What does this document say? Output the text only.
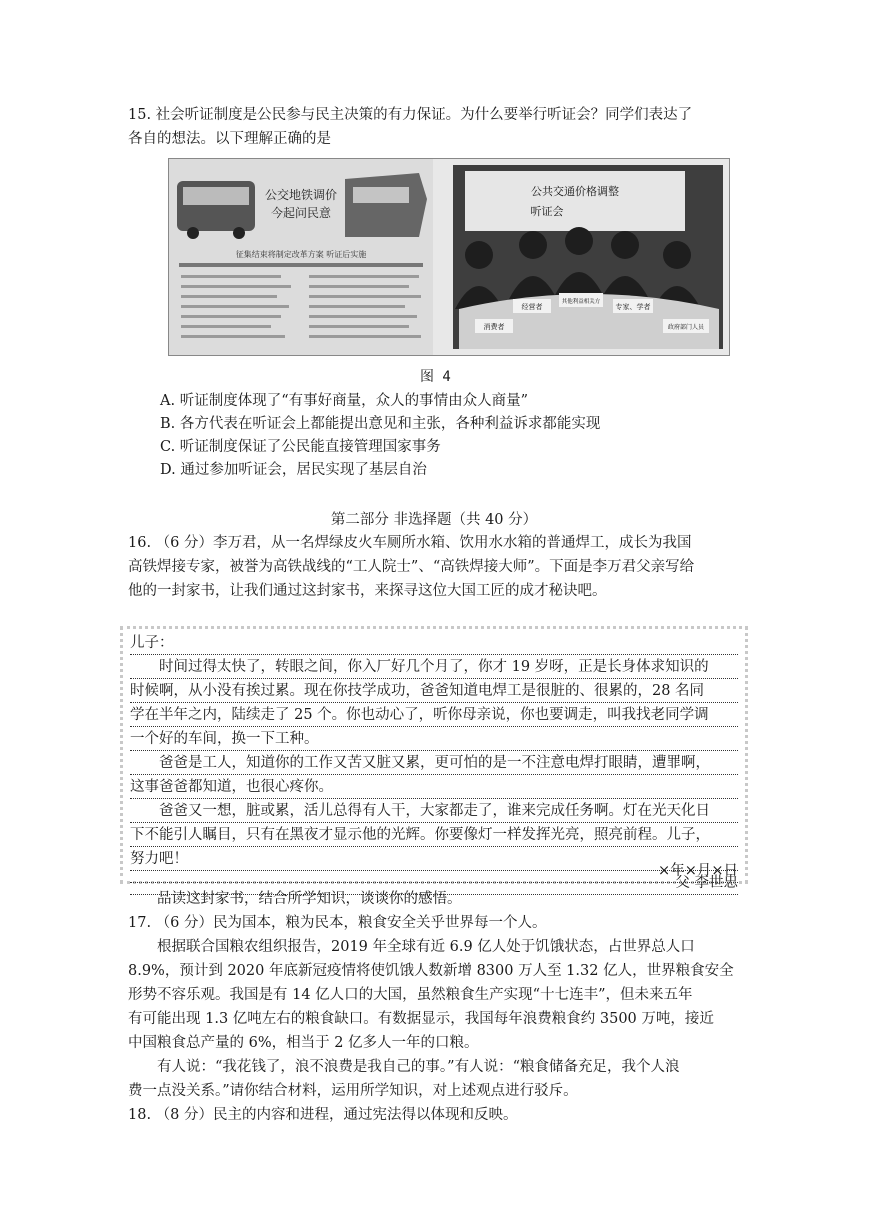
15. 社会听证制度是公民参与民主决策的有力保证。为什么要举行听证会？同学们表达了
各自的想法。以下理解正确的是
公交地铁调价
今起问民意
征集结束将制定改革方案 听证后实施
公共交通价格调整
听证会
消费者
经营者
其他利益相关方
专家、学者
政府部门人员
图 4
A. 听证制度体现了“有事好商量，众人的事情由众人商量”
B. 各方代表在听证会上都能提出意见和主张，各种利益诉求都能实现
C. 听证制度保证了公民能直接管理国家事务
D. 通过参加听证会，居民实现了基层自治
第二部分 非选择题（共 40 分）
16. （6 分）李万君，从一名焊绿皮火车厕所水箱、饮用水水箱的普通焊工，成长为我国
高铁焊接专家，被誉为高铁战线的“工人院士”、“高铁焊接大师”。下面是李万君父亲写给
他的一封家书，让我们通过这封家书，来探寻这位大国工匠的成才秘诀吧。
儿子：
时间过得太快了，转眼之间，你入厂好几个月了，你才 19 岁呀，正是长身体求知识的
时候啊，从小没有挨过累。现在你技学成功，爸爸知道电焊工是很脏的、很累的，28 名同
学在半年之内，陆续走了 25 个。你也动心了，听你母亲说，你也要调走，叫我找老同学调
一个好的车间，换一下工种。
爸爸是工人，知道你的工作又苦又脏又累，更可怕的是一不注意电焊打眼睛，遭罪啊，
这事爸爸都知道，也很心疼你。
爸爸又一想，脏或累，活儿总得有人干，大家都走了，谁来完成任务啊。灯在光天化日
下不能引人瞩目，只有在黑夜才显示他的光辉。你要像灯一样发挥光亮，照亮前程。儿子，
努力吧！
父 李世忠
×年×月×日
品读这封家书，结合所学知识，谈谈你的感悟。
17. （6 分）民为国本，粮为民本，粮食安全关乎世界每一个人。
根据联合国粮农组织报告，2019 年全球有近 6.9 亿人处于饥饿状态，占世界总人口
8.9%，预计到 2020 年底新冠疫情将使饥饿人数新增 8300 万人至 1.32 亿人，世界粮食安全
形势不容乐观。我国是有 14 亿人口的大国，虽然粮食生产实现“十七连丰”，但未来五年
有可能出现 1.3 亿吨左右的粮食缺口。有数据显示，我国每年浪费粮食约 3500 万吨，接近
中国粮食总产量的 6%，相当于 2 亿多人一年的口粮。
有人说：“我花钱了，浪不浪费是我自己的事。”有人说：“粮食储备充足，我个人浪
费一点没关系。”请你结合材料，运用所学知识，对上述观点进行驳斥。
18. （8 分）民主的内容和进程，通过宪法得以体现和反映。
